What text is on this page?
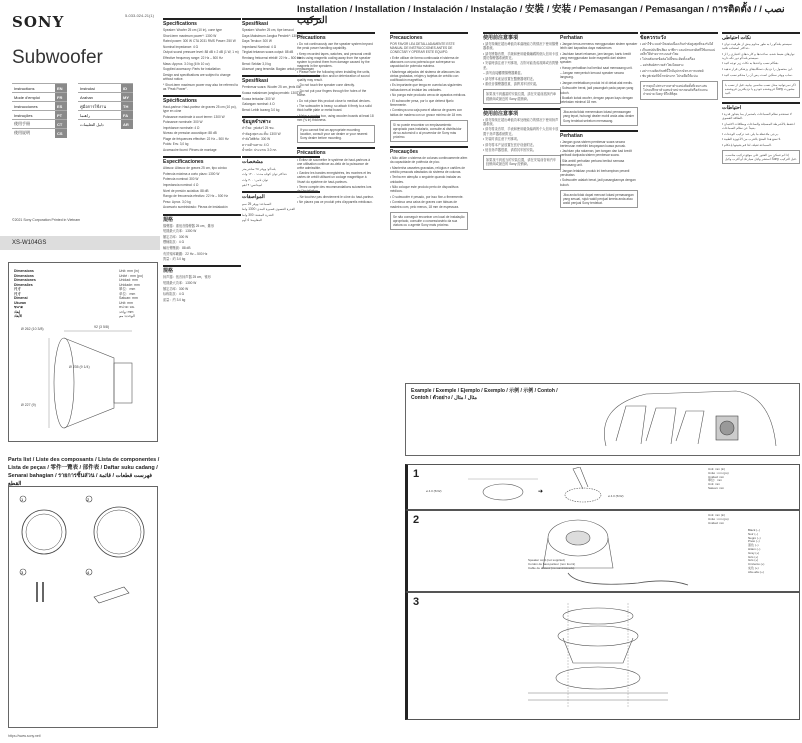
SONY	5-033-024-21(1)
Subwoofer
Instructions	EN
Mode d'emploi	FR
Instrucciones	ES
Instruções	PT
使用手冊	CT
使用说明	CS
Instruksi	ID
Arahan	MY
คู่มือการใช้งาน	TH
راهنما	FA
دليل التعليمات	AR
©2021 Sony Corporation Printed in Vietnam
XS-W104GS
Dimensions
Dimensions
Dimensiones
Dimensões
尺寸
尺寸
Dimensi
Ukuran
ขนาด
ابعاد
الأبعاد
Unit: mm (in)
Unité : mm (po)
Unidad: mm
Unidade: mm
單位：mm
单位：mm
Satuan: mm
Unit: mm
หน่วย: มม.
واحد: mm
الوحدة: مم
Ø 262 (10 3/8)
Ø 227 (9)
92 (3 5/8)
Ø 235 (9 1/4)
Parts list / Liste des composants / Lista de componentes / Lista de peças / 零件一覽表 / 部件表 / Daftar suku cadang / Senarai bahagian / รายการชิ้นส่วน / فهرست قطعات / قائمة القطع
1	2
3	4
https://www.sony.net/
Installation / Installation / Instalación / Instalação / 安裝 / 安装 / Pemasangan / Pemasangan / การติดตั้ง / نصب / التركيب
Specifications

Speaker: Woofer 25 cm (10 in), cone type

Short-term maximum power*: 1300 W

Rated power: 300 W CTA 2031 RMS Power: 250 W

Nominal impedance: 4 Ω

Output sound pressure level: 88 dB ± 2 dB (1 W, 1 m)

Effective frequency range: 22 Hz – 500 Hz

Mass: Approx. 3.0 kg (6 lb 10 oz)

Supplied accessory: Parts for installation

Design and specifications are subject to change without notice.

* Short-term maximum power may also be referred to as "Peak Power".

Spécifications

Haut-parleur: Haut-parleur de graves 25 cm (10 po), type en cône

Puissance maximale à court terme: 1300 W

Puissance nominale: 300 W

Impédance nominale: 4 Ω

Niveau de pression acoustique: 88 dB

Plage de fréquences effective: 22 Hz – 500 Hz

Poids: Env. 3,0 kg

Accessoire fourni: Pièces de montage

Especificaciones

Altavoz: Altavoz de graves 25 cm, tipo cónico

Potencia máxima a corto plazo: 1300 W

Potencia nominal: 300 W

Impedancia nominal: 4 Ω

Nivel de presión acústica: 88 dB

Rango de frecuencia efectivo: 22 Hz – 500 Hz

Peso: Aprox. 3,0 kg

Accesorio suministrado: Piezas de instalación

規格

揚聲器：重低音揚聲器 25 cm，錐形

短期最大功率：1300 W

額定功率：300 W

標稱阻抗：4 Ω

輸出聲壓級：88 dB

有效頻率範圍：22 Hz – 500 Hz

質量：約 3.0 kg

规格

扬声器：低音扬声器 25 cm，锥形

短期最大功率：1300 W

额定功率：300 W

标称阻抗：4 Ω

质量：约 3.0 kg

Spesifikasi

Speaker: Woofer 25 cm, tipe kerucut

Daya Maksimum Jangka Pendek*: 1300 W

Daya Terukur: 300 W

Impedansi Nominal: 4 Ω

Tingkat tekanan suara output: 88 dB

Rentang frekuensi efektif: 22 Hz – 500 Hz

Berat: Sekitar 3,0 kg

Aksesori yang tersedia: Bagian untuk pemasangan

Spesifikasi

Pembesar suara: Woofer 25 cm, jenis kon

Kuasa maksimum jangka pendek: 1300 W

Kuasa terkadar: 300 W

Galangan nominal: 4 Ω

Berat: Lebih kurang 3.0 kg

ข้อมูลจำเพาะ

ลำโพง: วูฟเฟอร์ 25 ซม.

กำลังสูงสุดระยะสั้น: 1300 W

กำลังไฟพิกัด: 300 W

ความต้านทาน: 4 Ω

น้ำหนัก: ประมาณ 3.0 กก.

مشخصات

بلندگو: ووفر ۲۵ سانتی‌متر

حداکثر توان کوتاه مدت: ۱۳۰۰ وات

توان نامی: ۳۰۰ وات

امپدانس: ۴ اهم

المواصفات

السماعة: ووفر 25 سم

القدرة القصوى قصيرة المدى: 1300 واط

القدرة المقننة: 300 واط

المقاومة: 4 أوم

Precautions

• Do not continuously use the speaker system beyond the peak power handling capability.

• Keep recorded tapes, watches, and personal credit cards using magnetic coding away from the speaker system to protect them from damage caused by the magnets in the speakers.

• Please note the following when installing the units, otherwise malfunction and/or deterioration of sound quality may result.

– Do not touch the speaker cone directly.

– Do not put your fingers through the holes of the frame.

• Do not place this product close to medical devices.

• The subwoofer is heavy, so attach it firmly to a solid thick baffle plate or metal board.

• Make a woofer box, using wooden boards at least 18 mm (¾ in) thickness.

If you cannot find an appropriate mounting location, consult your car dealer or your nearest Sony dealer before mounting.
Précautions

• Évitez de soumettre le système de haut-parleurs à une utilisation continue au-delà de la puissance de crête admissible.

• Gardez les bandes enregistrées, les montres et les cartes de crédit utilisant un codage magnétique à l'écart du système de haut-parleurs.

• Tenez compte des recommandations suivantes lors de l'installation.

– Ne touchez pas directement le cône du haut-parleur.

• Ne placez pas ce produit près d'appareils médicaux.

Precauciones

POR FAVOR LEA DETALLADAMENTE ESTE MANUAL DE INSTRUCCIONES ANTES DE CONECTAR Y OPERAR ESTE EQUIPO.

• Evite utilizar de forma continuada el sistema de altavoces con una potencia que sobrepase su capacidad de potencia máxima.

• Mantenga alejados del sistema de altavoces las cintas grabadas, relojes y tarjetas de crédito con codificación magnética.

• Es importante que tenga en cuenta las siguientes indicaciones al instalar las unidades.

• No ponga este producto cerca de aparatos médicos.

• El subwoofer pesa, por lo que deberá fijarlo firmemente.

• Construya una caja para el altavoz de graves con tablas de madera con un grosor mínimo de 18 mm.

Si no puede encontrar un emplazamiento apropiado para instalarlo, consulte al distribuidor de su automóvil o al proveedor de Sony más próximo.
Precauções

• Não utilize o sistema de colunas continuamente além da capacidade de potência de pico.

• Mantenha cassetes gravadas, relógios e cartões de crédito pessoais afastados do sistema de colunas.

• Tenha em atenção o seguinte quando instalar as unidades.

• Não coloque este produto perto de dispositivos médicos.

• O subwoofer é pesado, por isso fixe-o firmemente.

• Construa uma caixa de graves com tábuas de madeira com, pelo menos, 18 mm de espessura.

Se não conseguir encontrar um local de instalação apropriado, consulte o concessionário da sua viatura ou o agente Sony mais próximo.
使用前注意事項

• 請勿持續在超出峰值功率處理能力的情況下使用揚聲器系統。

• 請勿將錄音帶、手錶和使用磁條編碼的個人信用卡放置於揚聲器系統附近。

• 安裝時請注意下列事項，否則可能造成故障或音質變差。

– 請勿直接觸摸揚聲器錐盆。

• 請勿將本產品放置在醫療器材附近。

• 重低音揚聲器很重，請將其牢固安裝。

如果找不到適當的安裝位置，請在安裝前諮詢汽車經銷商或最近的 Sony 經銷商。
使用前注意事项

• 请勿持续在超出峰值功率处理能力的情况下使用扬声器系统。

• 请勿将录音带、手表和使用磁条编码的个人信用卡放置于扬声器系统附近。

• 安装时请注意下列事项。

• 请勿将本产品放置在医疗设备附近。

• 低音扬声器很重，请将其牢固安装。

如果找不到适当的安装位置，请在安装前咨询汽车经销商或最近的 Sony 经销商。
Perhatian

• Jangan terus-menerus menggunakan sistem speaker lebih dari kapasitas daya maksimum.

• Jauhkan kaset rekaman, jam tangan, kartu kredit yang menggunakan kode magnetik dari sistem speaker.

• Harap perhatikan hal berikut saat memasang unit.

– Jangan menyentuh kerucut speaker secara langsung.

• Jangan meletakkan produk ini di dekat alat medis.

• Subwoofer berat, jadi pasanglah pada papan yang kokoh.

• Buatlah kotak woofer, dengan papan kayu dengan ketebalan minimal 18 mm.

Jika anda tidak menemukan lokasi pemasangan yang tepat, hubungi dealer mobil anda atau dealer Sony terdekat sebelum memasang.
Perhatian

• Jangan guna sistem pembesar suara secara berterusan melebihi keupayaan kuasa puncak.

• Jauhkan pita rakaman, jam tangan dan kad kredit peribadi daripada sistem pembesar suara.

• Sila ambil perhatian perkara berikut semasa memasang unit.

• Jangan letakkan produk ini berhampiran peranti perubatan.

• Subwoofer adalah berat, jadi pasangkannya dengan kukuh.

Jika anda tidak dapat mencari lokasi pemasangan yang sesuai, rujuk wakil penjual kereta anda atau wakil penjual Sony terdekat.
ข้อควรระวัง

• อย่าใช้ระบบลำโพงต่อเนื่องเกินกำลังสูงสุดที่รองรับได้

• เก็บเทปบันทึกเสียง นาฬิกา และบัตรเครดิตที่ใช้แถบแม่เหล็กให้ห่างจากระบบลำโพง

• โปรดสังเกตข้อต่อไปนี้ขณะติดตั้งเครื่อง

– อย่าสัมผัสกรวยลำโพงโดยตรง

• อย่าวางผลิตภัณฑ์นี้ใกล้อุปกรณ์ทางการแพทย์

• ซับวูฟเฟอร์มีน้ำหนักมาก โปรดยึดให้แน่น

หากคุณไม่สามารถหาตำแหน่งติดตั้งที่เหมาะสม โปรดปรึกษาตัวแทนจำหน่ายรถยนต์หรือตัวแทนจำหน่าย Sony ที่ใกล้ที่สุด
نکات احتیاطی

• سیستم بلندگو را به طور مداوم بیش از ظرفیت توان حداکثر استفاده نکنید.

• نوارهای ضبط شده، ساعت‌ها و کارت‌های اعتباری را از سیستم بلندگو دور نگه دارید.

• هنگام نصب واحدها به نکات زیر توجه کنید.

• این محصول را نزدیک دستگاه‌های پزشکی قرار ندهید.

• ساب ووفر سنگین است، پس آن را محکم نصب کنید.

اگر نمی‌توانید محل نصب مناسبی بیابید، قبل از نصب با فروشنده خودرو یا نزدیکترین فروشنده Sony مشورت کنید.
احتياطات

• لا تستخدم نظام السماعات باستمرار بما يتجاوز قدرة الطاقة القصوى.

• احتفظ بالأشرطة المسجلة والساعات وبطاقات الائتمان بعيداً عن نظام السماعات.

• يرجى ملاحظة ما يلي عند تركيب الوحدات.

• لا تضع هذا المنتج بالقرب من الأجهزة الطبية.

• السماعة ثقيلة، لذا قم بتثبيتها بإحكام.

إذا لم تتمكن من العثور على موقع تركيب مناسب، استشر وكيل سيارتك أو أقرب وكيل Sony قبل التركيب.
Example / Exemple / Ejemplo / Exemplo / 示例 / 示例 / Contoh / Contoh / ตัวอย่าง / مثال / مثال
1
➔
ø 4.0 (5/32)
ø 4.0 (5/32)
Unit: mm (in)
Unité : mm (po)
Unidad: mm
單位：mm
Unit: mm
Satuan: mm
2
Speaker cord (not supplied)
Cordon de haut-parleur (non fourni)
Cable de altavoz (no suministrado)
Unit: mm (in)
Unité : mm (po)
Unidad: mm
Black (–)
Noir (–)
Negro (–)
Preto (–)
黑色 (–)
Hitam (–)
Gray (+)
Gris (+)
Gris (+)
Cinzento (+)
灰色 (+)
Abu-abu (+)
3
